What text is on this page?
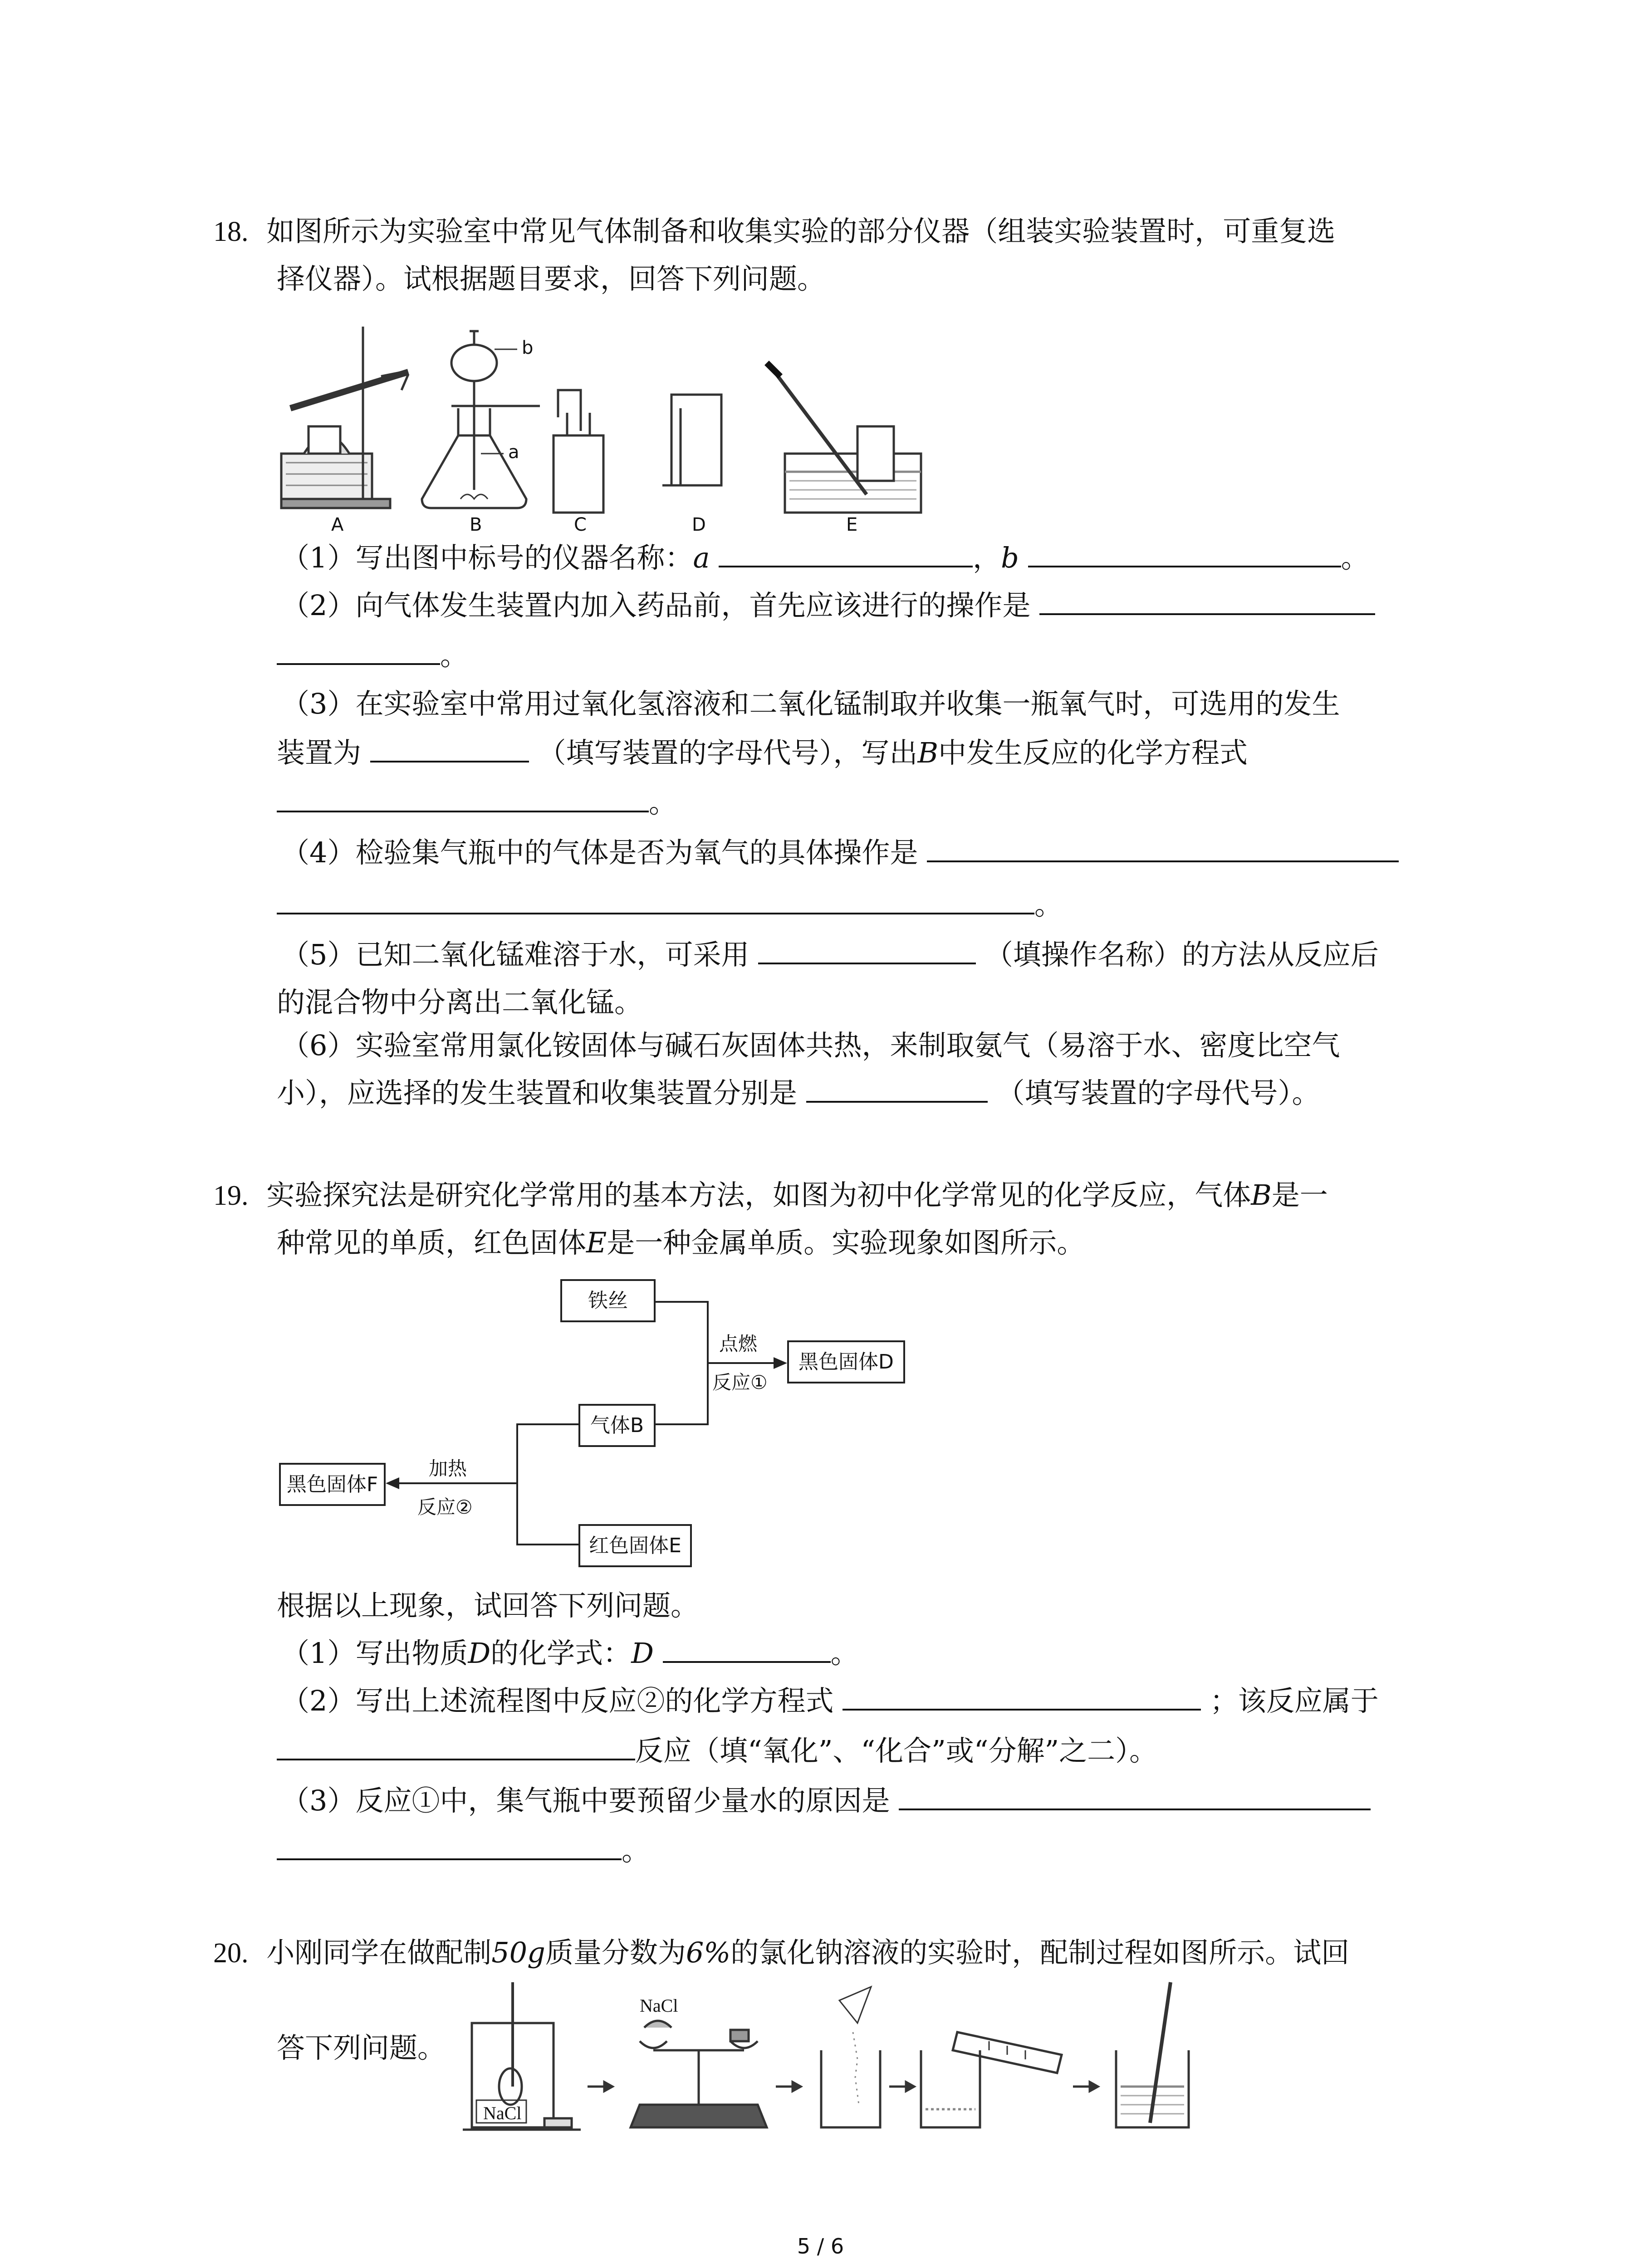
18. 如图所示为实验室中常见气体制备和收集实验的部分仪器（组装实验装置时，可重复选
择仪器）。试根据题目要求，回答下列问题。
A	B	C	D	E
b
a
（1）写出图中标号的仪器名称：a	，b	。
（2）向气体发生装置内加入药品前，首先应该进行的操作是
。
（3）在实验室中常用过氧化氢溶液和二氧化锰制取并收集一瓶氧气时，可选用的发生
装置为	（填写装置的字母代号），写出B中发生反应的化学方程式
。
（4）检验集气瓶中的气体是否为氧气的具体操作是
。
（5）已知二氧化锰难溶于水，可采用	（填操作名称）的方法从反应后
的混合物中分离出二氧化锰。
（6）实验室常用氯化铵固体与碱石灰固体共热，来制取氨气（易溶于水、密度比空气
小），应选择的发生装置和收集装置分别是	（填写装置的字母代号）。
19. 实验探究法是研究化学常用的基本方法，如图为初中化学常见的化学反应，气体B是一
种常见的单质，红色固体E是一种金属单质。实验现象如图所示。
铁丝
气体B
红色固体E
黑色固体D
黑色固体F
点燃
反应①
加热
反应②
根据以上现象，试回答下列问题。
（1）写出物质D的化学式：D	。
（2）写出上述流程图中反应②的化学方程式	；该反应属于
反应（填“氧化”、“化合”或“分解”之二）。
（3）反应①中，集气瓶中要预留少量水的原因是
。
20. 小刚同学在做配制50g质量分数为6%的氯化钠溶液的实验时，配制过程如图所示。试回
答下列问题。
NaCl
NaCl
5 / 6
